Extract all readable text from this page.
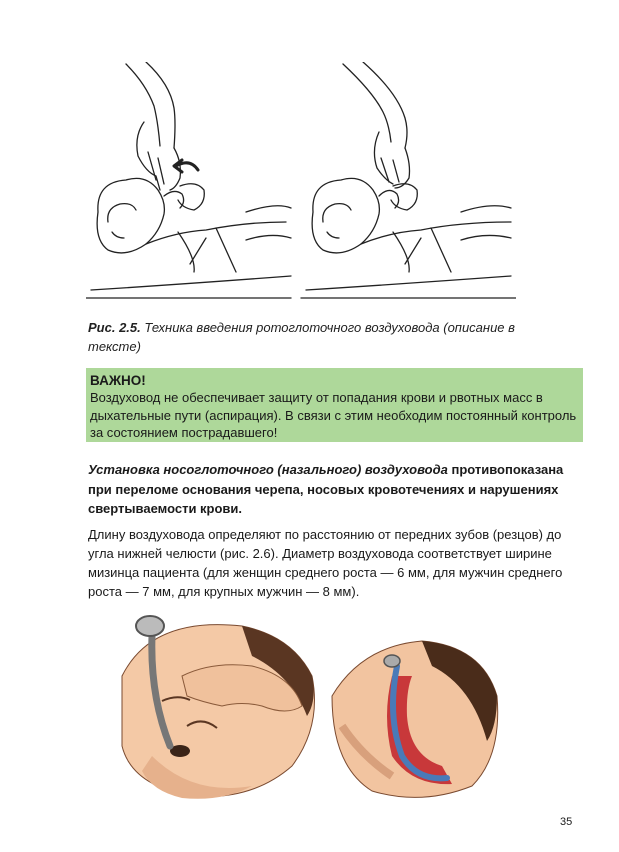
Рис. 2.5. Техника введения ротоглоточного воздуховода (описание в тексте)
ВАЖНО!
Воздуховод не обеспечивает защиту от попадания крови и рвотных масс в дыхательные пути (аспирация). В связи с этим необходим постоянный контроль за состоянием пострадавшего!
Установка носоглоточного (назального) воздуховода противопоказана при переломе основания черепа, носовых кровотечениях и нарушениях свертываемости крови.
Длину воздуховода определяют по расстоянию от передних зубов (резцов) до угла нижней челюсти (рис. 2.6). Диаметр воздуховода соответствует ширине мизинца пациента (для женщин среднего роста — 6 мм, для мужчин среднего роста — 7 мм, для крупных мужчин — 8 мм).
35
